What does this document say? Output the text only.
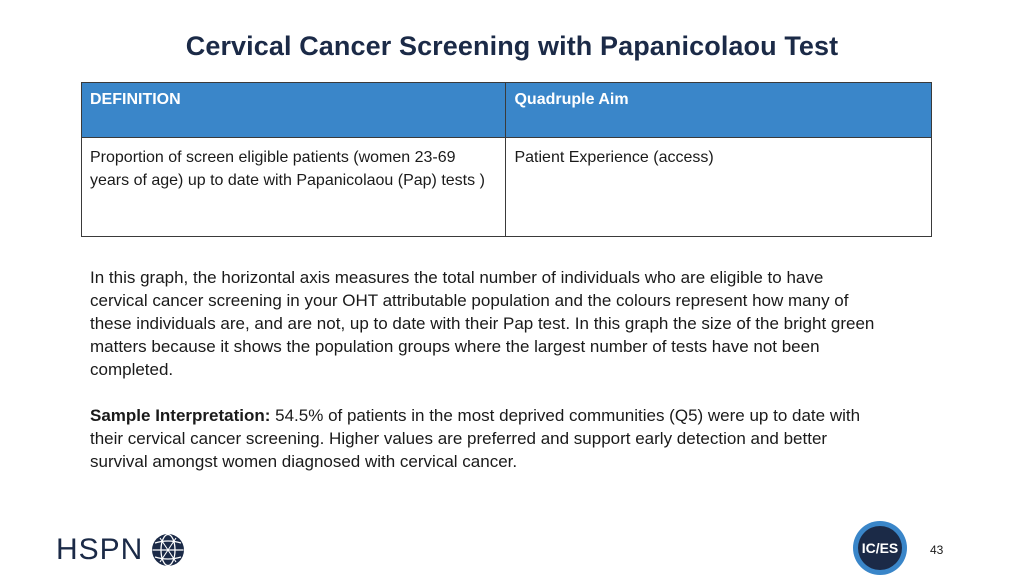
Cervical Cancer Screening with Papanicolaou Test
DEFINITION	Quadruple Aim
Proportion of screen eligible patients (women 23-69 years of age) up to date with Papanicolaou (Pap) tests )	Patient Experience (access)

In this graph, the horizontal axis measures the total number of individuals who are eligible to have cervical cancer screening in your OHT attributable population and the colours represent how many of these individuals are, and are not, up to date with their Pap test. In this graph the size of the bright green matters because it shows the population groups where the largest number of tests have not been completed.

Sample Interpretation: 54.5% of patients in the most deprived communities (Q5) were up to date with their cervical cancer screening. Higher values are preferred and support early detection and better survival amongst women diagnosed with cervical cancer.

HSPN	IC/ES	43
